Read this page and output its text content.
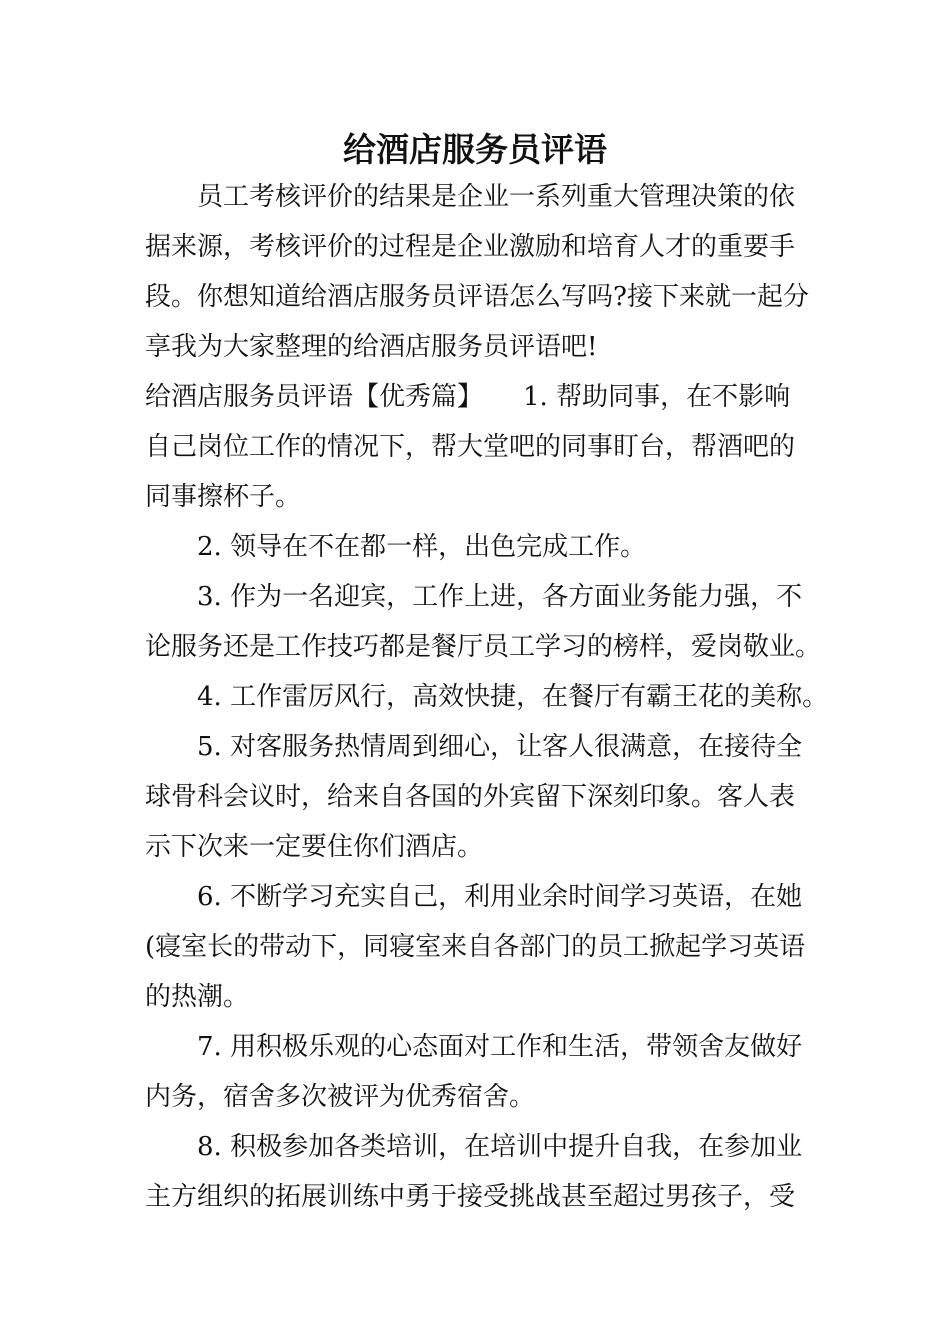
给酒店服务员评语
员工考核评价的结果是企业一系列重大管理决策的依
据来源，考核评价的过程是企业激励和培育人才的重要手
段。你想知道给酒店服务员评语怎么写吗?接下来就一起分
享我为大家整理的给酒店服务员评语吧!
给酒店服务员评语【优秀篇】 1. 帮助同事，在不影响
自己岗位工作的情况下，帮大堂吧的同事盯台，帮酒吧的
同事擦杯子。
2. 领导在不在都一样，出色完成工作。
3. 作为一名迎宾，工作上进，各方面业务能力强，不
论服务还是工作技巧都是餐厅员工学习的榜样，爱岗敬业。
4. 工作雷厉风行，高效快捷，在餐厅有霸王花的美称。
5. 对客服务热情周到细心，让客人很满意，在接待全
球骨科会议时，给来自各国的外宾留下深刻印象。客人表
示下次来一定要住你们酒店。
6. 不断学习充实自己，利用业余时间学习英语，在她
(寝室长的带动下，同寝室来自各部门的员工掀起学习英语
的热潮。
7. 用积极乐观的心态面对工作和生活，带领舍友做好
内务，宿舍多次被评为优秀宿舍。
8. 积极参加各类培训，在培训中提升自我，在参加业
主方组织的拓展训练中勇于接受挑战甚至超过男孩子，受
